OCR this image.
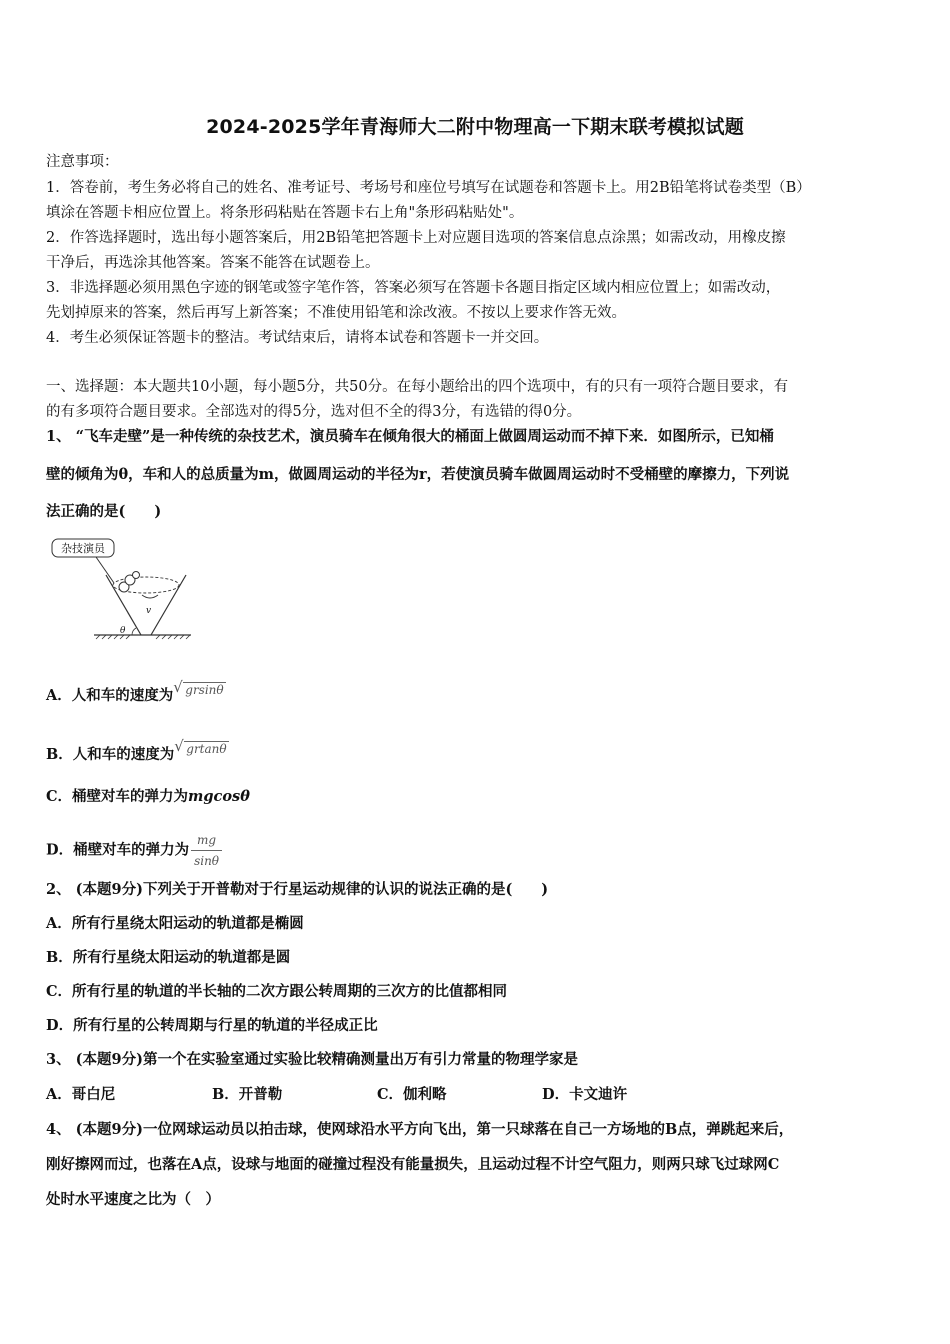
2024-2025学年青海师大二附中物理高一下期末联考模拟试题
注意事项：
1．答卷前，考生务必将自己的姓名、准考证号、考场号和座位号填写在试题卷和答题卡上。用2B铅笔将试卷类型（B）
填涂在答题卡相应位置上。将条形码粘贴在答题卡右上角"条形码粘贴处"。
2．作答选择题时，选出每小题答案后，用2B铅笔把答题卡上对应题目选项的答案信息点涂黑；如需改动，用橡皮擦
干净后，再选涂其他答案。答案不能答在试题卷上。
3．非选择题必须用黑色字迹的钢笔或签字笔作答，答案必须写在答题卡各题目指定区域内相应位置上；如需改动，
先划掉原来的答案，然后再写上新答案；不准使用铅笔和涂改液。不按以上要求作答无效。
4．考生必须保证答题卡的整洁。考试结束后，请将本试卷和答题卡一并交回。
一、选择题：本大题共10小题，每小题5分，共50分。在每小题给出的四个选项中，有的只有一项符合题目要求，有
的有多项符合题目要求。全部选对的得5分，选对但不全的得3分，有选错的得0分。
1、 “飞车走壁”是一种传统的杂技艺术，演员骑车在倾角很大的桶面上做圆周运动而不掉下来．如图所示，已知桶
壁的倾角为θ，车和人的总质量为m，做圆周运动的半径为r，若使演员骑车做圆周运动时不受桶壁的摩擦力，下列说
法正确的是(　　)
杂技演员
v
θ
A．人和车的速度为 √ grsinθ
B．人和车的速度为 √ grtanθ
C．桶壁对车的弹力为mgcosθ
D．桶壁对车的弹力为 $\frac{mg}{\sin\theta}$
2、 (本题9分)下列关于开普勒对于行星运动规律的认识的说法正确的是(　　)
A．所有行星绕太阳运动的轨道都是椭圆
B．所有行星绕太阳运动的轨道都是圆
C．所有行星的轨道的半长轴的二次方跟公转周期的三次方的比值都相同
D．所有行星的公转周期与行星的轨道的半径成正比
3、 (本题9分)第一个在实验室通过实验比较精确测量出万有引力常量的物理学家是
A．哥白尼	B．开普勒	C．伽利略	D．卡文迪许
4、 (本题9分)一位网球运动员以拍击球，使网球沿水平方向飞出，第一只球落在自己一方场地的B点，弹跳起来后，
刚好擦网而过，也落在A点，设球与地面的碰撞过程没有能量损失，且运动过程不计空气阻力，则两只球飞过球网C
处时水平速度之比为（　）
